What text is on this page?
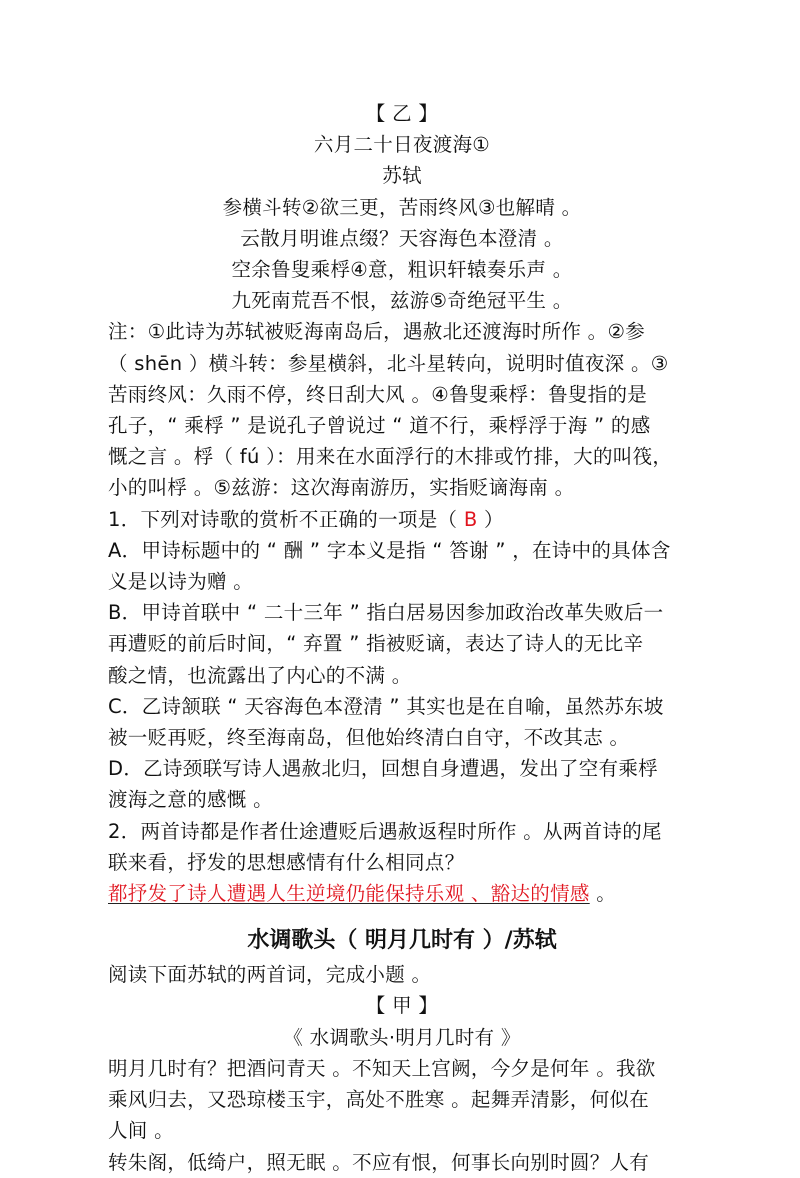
【 乙 】
六月二十日夜渡海①
苏轼
参横斗转②欲三更，苦雨终风③也解晴 。
云散月明谁点缀？天容海色本澄清 。
空余鲁叟乘桴④意，粗识轩辕奏乐声 。
九死南荒吾不恨，兹游⑤奇绝冠平生 。
注：①此诗为苏轼被贬海南岛后，遇赦北还渡海时所作 。②参
（ shēn ）横斗转：参星横斜，北斗星转向，说明时值夜深 。③
苦雨终风：久雨不停，终日刮大风 。④鲁叟乘桴：鲁叟指的是
孔子，“ 乘桴 ” 是说孔子曾说过 “ 道不行，乘桴浮于海 ” 的感
慨之言 。桴（ fú ）：用来在水面浮行的木排或竹排，大的叫筏，
小的叫桴 。⑤兹游：这次海南游历，实指贬谪海南 。
1．下列对诗歌的赏析不正确的一项是（ B ）
A．甲诗标题中的 “ 酬 ” 字本义是指 “ 答谢 ” ，在诗中的具体含
义是以诗为赠 。
B．甲诗首联中 “ 二十三年 ” 指白居易因参加政治改革失败后一
再遭贬的前后时间，“ 弃置 ” 指被贬谪，表达了诗人的无比辛
酸之情，也流露出了内心的不满 。
C．乙诗颔联 “ 天容海色本澄清 ” 其实也是在自喻，虽然苏东坡
被一贬再贬，终至海南岛，但他始终清白自守，不改其志 。
D．乙诗颈联写诗人遇赦北归，回想自身遭遇，发出了空有乘桴
渡海之意的感慨 。
2．两首诗都是作者仕途遭贬后遇赦返程时所作 。从两首诗的尾
联来看，抒发的思想感情有什么相同点？
都抒发了诗人遭遇人生逆境仍能保持乐观 、豁达的情感 。
水调歌头（ 明月几时有 ）/苏轼
阅读下面苏轼的两首词，完成小题 。
【 甲 】
《 水调歌头·明月几时有 》
明月几时有？把酒问青天 。不知天上宫阙，今夕是何年 。我欲
乘风归去，又恐琼楼玉宇，高处不胜寒 。起舞弄清影，何似在
人间 。
转朱阁，低绮户，照无眠 。不应有恨，何事长向别时圆？人有
